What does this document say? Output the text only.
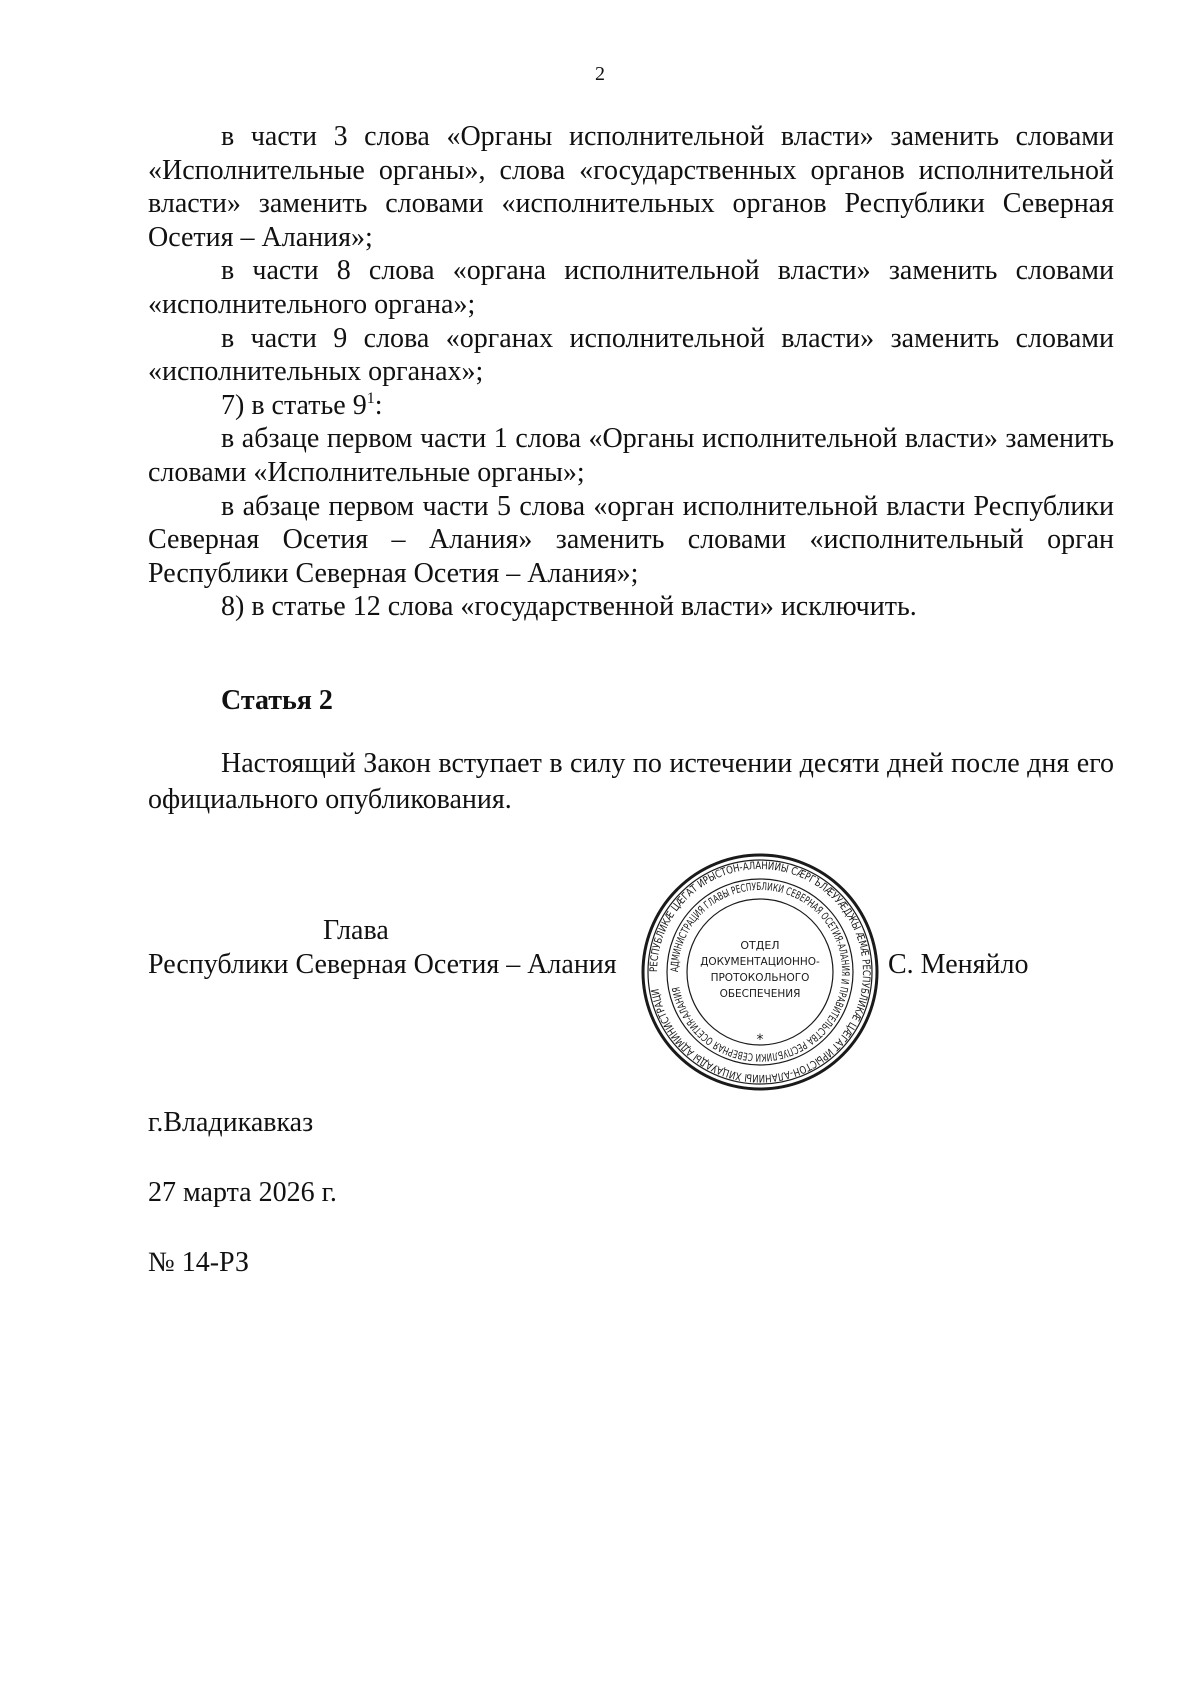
2

в части 3 слова «Органы исполнительной власти» заменить словами «Исполнительные органы», слова «государственных органов исполнительной власти» заменить словами «исполнительных органов Республики Северная Осетия – Алания»;

в части 8 слова «органа исполнительной власти» заменить словами «исполнительного органа»;

в части 9 слова «органах исполнительной власти» заменить словами «исполнительных органах»;

7) в статье $9^1$:

в абзаце первом части 1 слова «Органы исполнительной власти» заменить словами «Исполнительные органы»;

в абзаце первом части 5 слова «орган исполнительной власти Республики Северная Осетия – Алания» заменить словами «исполнительный орган Республики Северная Осетия – Алания»;

8) в статье 12 слова «государственной власти» исключить.

Статья 2

Настоящий Закон вступает в силу по истечении десяти дней после дня его официального опубликования.

Глава
Республики Северная Осетия – Алания	С. Меняйло
РЕСПУБЛИКӔ ЦӔГАТ ИРЫСТОН-АЛАНИЙЫ СӔРГЪЛӔУУӔДЖЫ ӔМӔ РЕСПУБЛИКӔ ЦӔГАТ ИРЫСТОН-АЛАНИЙЫ ХИЦАУАДЫ АДМИНИСТРАЦИ
АДМИНИСТРАЦИЯ ГЛАВЫ РЕСПУБЛИКИ СЕВЕРНАЯ ОСЕТИЯ-АЛАНИЯ И ПРАВИТЕЛЬСТВА РЕСПУБЛИКИ СЕВЕРНАЯ ОСЕТИЯ-АЛАНИЯ
ОТДЕЛ
ДОКУМЕНТАЦИОННО-
ПРОТОКОЛЬНОГО
ОБЕСПЕЧЕНИЯ
*
г.Владикавказ
27 марта 2026 г.
№ 14-РЗ
